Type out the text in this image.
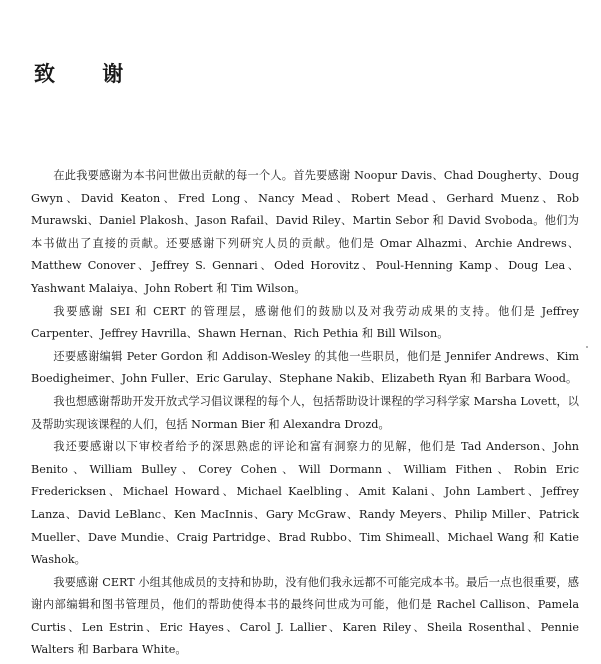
致 谢

在此我要感谢为本书问世做出贡献的每一个人。首先要感谢 Noopur Davis、Chad Dougherty、Doug Gwyn、David Keaton、Fred Long、Nancy Mead、Robert Mead、Gerhard Muenz、Rob Murawski、Daniel Plakosh、Jason Rafail、David Riley、Martin Sebor 和 David Svoboda。他们为本书做出了直接的贡献。还要感谢下列研究人员的贡献。他们是 Omar Alhazmi、Archie Andrews、Matthew Conover、Jeffrey S. Gennari、Oded Horovitz、Poul-Henning Kamp、Doug Lea、Yashwant Malaiya、John Robert 和 Tim Wilson。

我要感谢 SEI 和 CERT 的管理层，感谢他们的鼓励以及对我劳动成果的支持。他们是 Jeffrey Carpenter、Jeffrey Havrilla、Shawn Hernan、Rich Pethia 和 Bill Wilson。

还要感谢编辑 Peter Gordon 和 Addison-Wesley 的其他一些职员，他们是 Jennifer Andrews、Kim Boedigheimer、John Fuller、Eric Garulay、Stephane Nakib、Elizabeth Ryan 和 Barbara Wood。

我也想感谢帮助开发开放式学习倡议课程的每个人，包括帮助设计课程的学习科学家 Marsha Lovett，以及帮助实现该课程的人们，包括 Norman Bier 和 Alexandra Drozd。

我还要感谢以下审校者给予的深思熟虑的评论和富有洞察力的见解，他们是 Tad Anderson、John Benito、William Bulley、Corey Cohen、Will Dormann、William Fithen、Robin Eric Fredericksen、Michael Howard、Michael Kaelbling、Amit Kalani、John Lambert、Jeffrey Lanza、David LeBlanc、Ken MacInnis、Gary McGraw、Randy Meyers、Philip Miller、Patrick Mueller、Dave Mundie、Craig Partridge、Brad Rubbo、Tim Shimeall、Michael Wang 和 Katie Washok。

我要感谢 CERT 小组其他成员的支持和协助，没有他们我永远都不可能完成本书。最后一点也很重要，感谢内部编辑和图书管理员，他们的帮助使得本书的最终问世成为可能，他们是 Rachel Callison、Pamela Curtis、Len Estrin、Eric Hayes、Carol J. Lallier、Karen Riley、Sheila Rosenthal、Pennie Walters 和 Barbara White。
